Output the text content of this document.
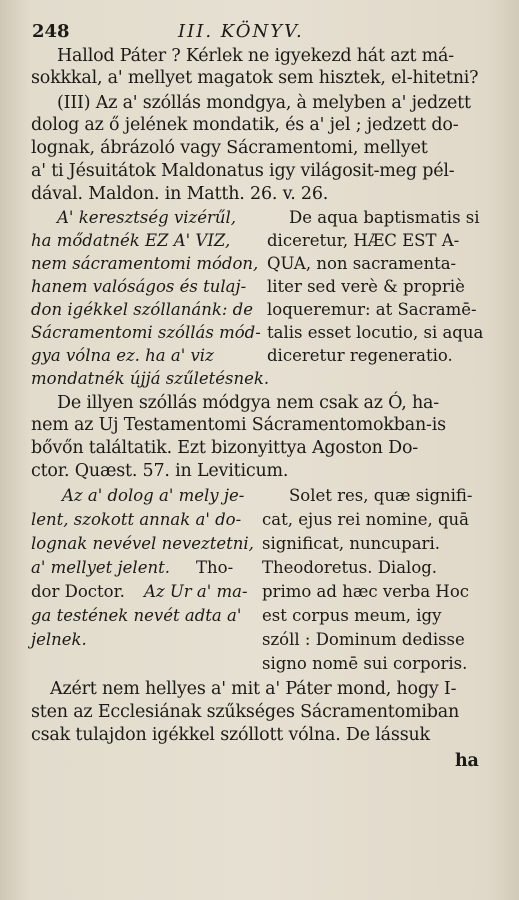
248	III. KÖNYV.
Hallod Páter ? Kérlek ne igyekezd hát azt má-
sokkkal, a' mellyet magatok sem hisztek, el-hitetni?
(III) Az a' szóllás mondgya, à melyben a' jedzett
dolog az ő jelének mondatik, és a' jel ; jedzett do-
lognak, ábrázoló vagy Sácramentomi, mellyet
a' ti Jésuitátok Maldonatus igy világosit-meg pél-
dával. Maldon. in Matth. 26. v. 26.
A' keresztség vizérűl,
ha mődatnék EZ A' VIZ,
nem sácramentomi módon,
hanem valóságos és tulaj-
don igékkel szóllanánk: de
Sácramentomi szóllás mód-
gya vólna ez. ha a' viz
mondatnék újjá szűletésnek.
De aqua baptismatis si
diceretur, HÆC EST A-
QUA, non sacramenta-
liter sed verè & propriè
loqueremur: at Sacramē-
talis esset locutio, si aqua
diceretur regeneratio.
De illyen szóllás módgya nem csak az Ó, ha-
nem az Uj Testamentomi Sácramentomokban-is
bővőn találtatik. Ezt bizonyittya Agoston Do-
ctor. Quæst. 57. in Leviticum.
Az a' dolog a' mely je-
lent, szokott annak a' do-
lognak nevével neveztetni,
a' mellyet jelent. Tho-
dor Doctor. Az Ur a' ma-
ga testének nevét adta a'
jelnek.
Solet res, quæ signifi-
cat, ejus rei nomine, quā
significat, nuncupari.
Theodoretus. Dialog.
primo ad hæc verba Hoc
est corpus meum, igy
szóll : Dominum dedisse
signo nomē sui corporis.
Azért nem hellyes a' mit a' Páter mond, hogy I-
sten az Ecclesiának szűkséges Sácramentomiban
csak tulajdon igékkel szóllott vólna. De lássuk
ha
